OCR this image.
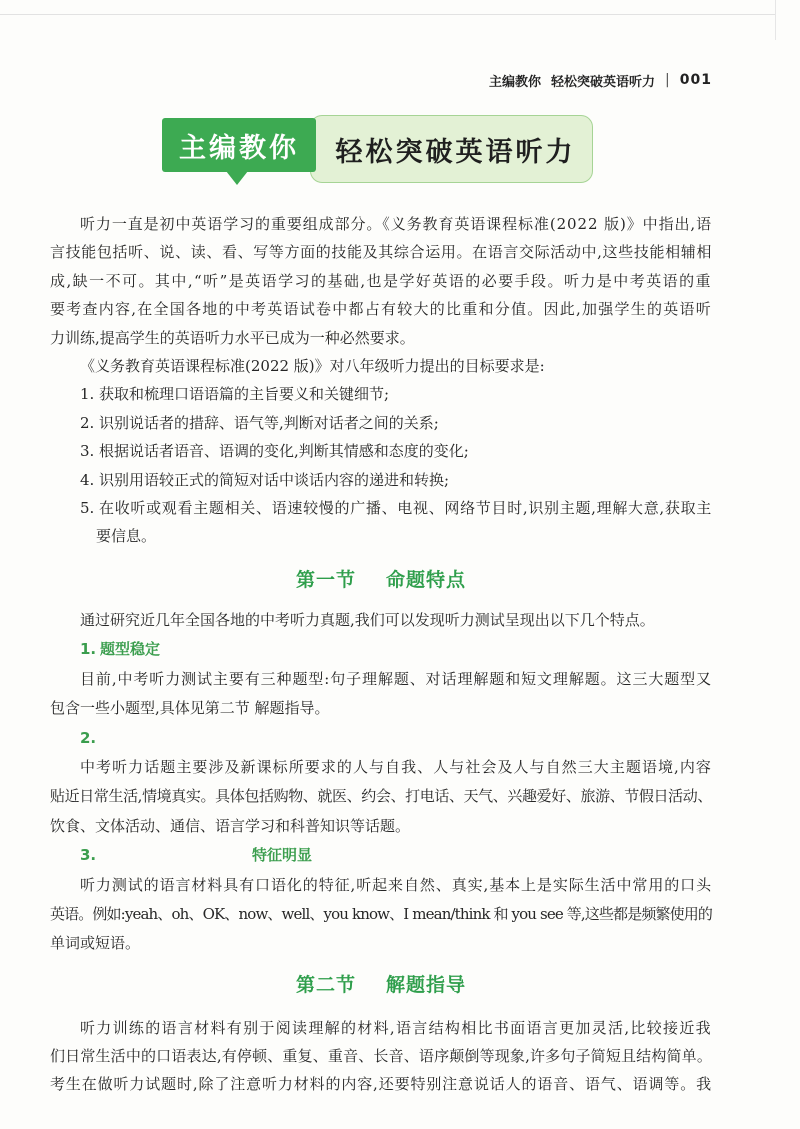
主编教你 轻松突破英语听力 | 001
轻松突破英语听力
主编教你
听力一直是初中英语学习的重要组成部分。《义务教育英语课程标准(2022 版)》中指出,语
言技能包括听、说、读、看、写等方面的技能及其综合运用。在语言交际活动中,这些技能相辅相
成,缺一不可。其中,“听”是英语学习的基础,也是学好英语的必要手段。听力是中考英语的重
要考查内容,在全国各地的中考英语试卷中都占有较大的比重和分值。因此,加强学生的英语听
力训练,提高学生的英语听力水平已成为一种必然要求。
《义务教育英语课程标准(2022 版)》对八年级听力提出的目标要求是:
1. 获取和梳理口语语篇的主旨要义和关键细节;
2. 识别说话者的措辞、语气等,判断对话者之间的关系;
3. 根据说话者语音、语调的变化,判断其情感和态度的变化;
4. 识别用语较正式的简短对话中谈话内容的递进和转换;
5. 在收听或观看主题相关、语速较慢的广播、电视、网络节目时,识别主题,理解大意,获取主
要信息。
第一节 命题特点
通过研究近几年全国各地的中考听力真题,我们可以发现听力测试呈现出以下几个特点。
1. 题型稳定
目前,中考听力测试主要有三种题型:句子理解题、对话理解题和短文理解题。这三大题型又
包含一些小题型,具体见第二节 解题指导。
2.
中考听力话题主要涉及新课标所要求的人与自我、人与社会及人与自然三大主题语境,内容
贴近日常生活,情境真实。具体包括购物、就医、约会、打电话、天气、兴趣爱好、旅游、节假日活动、
饮食、文体活动、通信、语言学习和科普知识等话题。
3.	特征明显
听力测试的语言材料具有口语化的特征,听起来自然、真实,基本上是实际生活中常用的口头
英语。例如:yeah、oh、OK、now、well、you know、I mean/think 和 you see 等,这些都是频繁使用的
单词或短语。
第二节 解题指导
听力训练的语言材料有别于阅读理解的材料,语言结构相比书面语言更加灵活,比较接近我
们日常生活中的口语表达,有停顿、重复、重音、长音、语序颠倒等现象,许多句子简短且结构简单。
考生在做听力试题时,除了注意听力材料的内容,还要特别注意说话人的语音、语气、语调等。我
